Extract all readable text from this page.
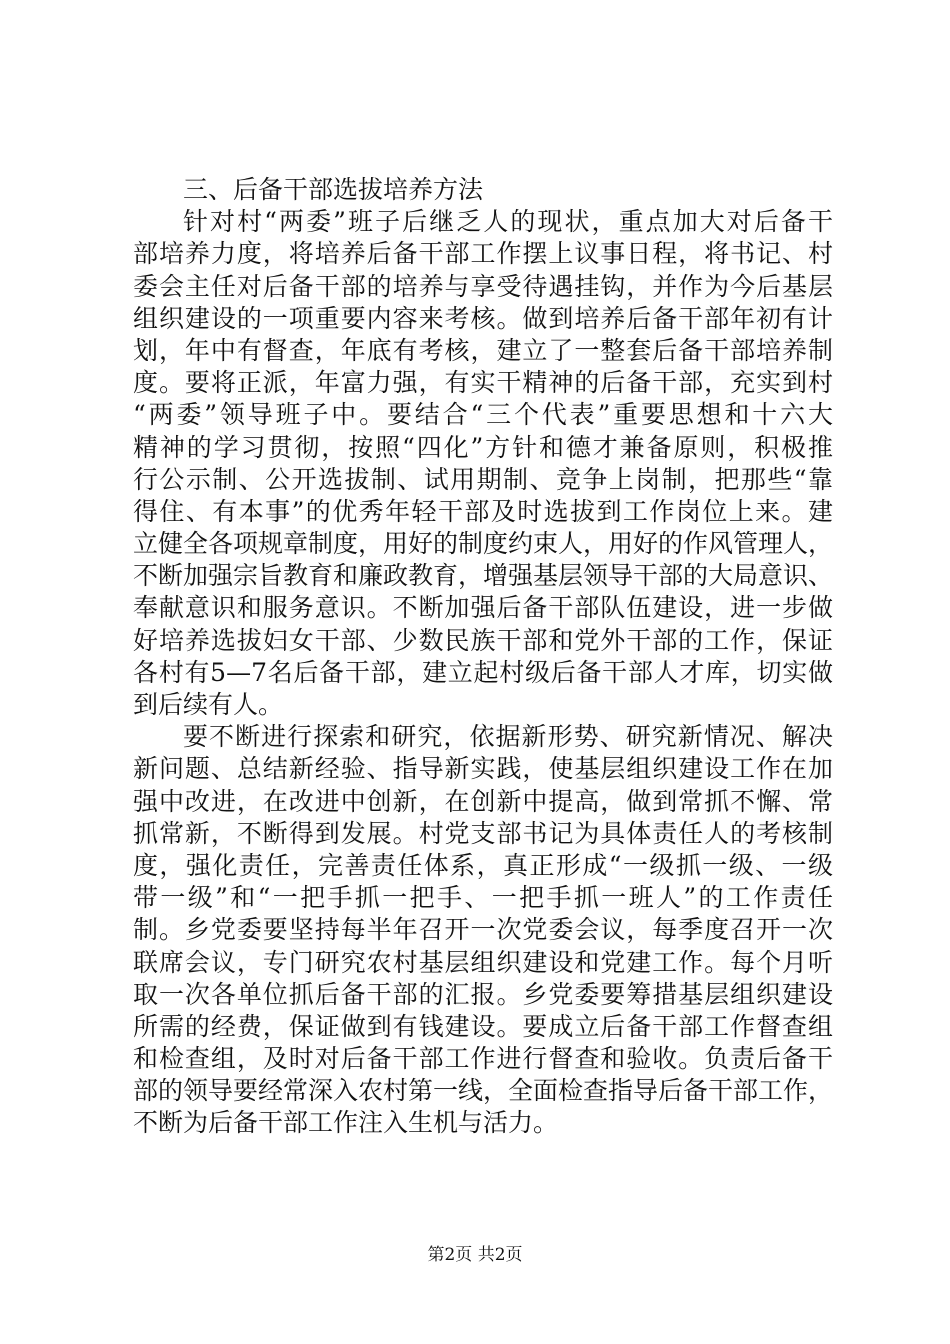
三、后备干部选拔培养方法
针对村“两委”班子后继乏人的现状，重点加大对后备干
部培养力度，将培养后备干部工作摆上议事日程，将书记、村
委会主任对后备干部的培养与享受待遇挂钩，并作为今后基层
组织建设的一项重要内容来考核。做到培养后备干部年初有计
划，年中有督查，年底有考核，建立了一整套后备干部培养制
度。要将正派，年富力强，有实干精神的后备干部，充实到村
“两委”领导班子中。要结合“三个代表”重要思想和十六大
精神的学习贯彻，按照“四化”方针和德才兼备原则，积极推
行公示制、公开选拔制、试用期制、竞争上岗制，把那些“靠
得住、有本事”的优秀年轻干部及时选拔到工作岗位上来。建
立健全各项规章制度，用好的制度约束人，用好的作风管理人，
不断加强宗旨教育和廉政教育，增强基层领导干部的大局意识、
奉献意识和服务意识。不断加强后备干部队伍建设，进一步做
好培养选拔妇女干部、少数民族干部和党外干部的工作，保证
各村有5—7名后备干部，建立起村级后备干部人才库，切实做
到后续有人。
要不断进行探索和研究，依据新形势、研究新情况、解决
新问题、总结新经验、指导新实践，使基层组织建设工作在加
强中改进，在改进中创新，在创新中提高，做到常抓不懈、常
抓常新，不断得到发展。村党支部书记为具体责任人的考核制
度，强化责任，完善责任体系，真正形成“一级抓一级、一级
带一级”和“一把手抓一把手、一把手抓一班人”的工作责任
制。乡党委要坚持每半年召开一次党委会议，每季度召开一次
联席会议，专门研究农村基层组织建设和党建工作。每个月听
取一次各单位抓后备干部的汇报。乡党委要筹措基层组织建设
所需的经费，保证做到有钱建设。要成立后备干部工作督查组
和检查组，及时对后备干部工作进行督查和验收。负责后备干
部的领导要经常深入农村第一线，全面检查指导后备干部工作，
不断为后备干部工作注入生机与活力。
第2页 共2页
